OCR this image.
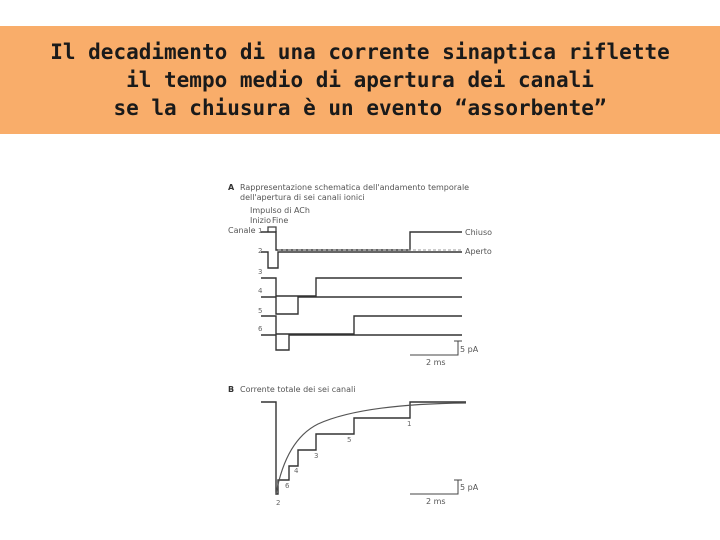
Il decadimento di una corrente sinaptica riflette
il tempo medio di apertura dei canali
se la chiusura è un evento “assorbente”
A Rappresentazione schematica dell'andamento temporale
dell'apertura di sei canali ionici
Impulso di ACh
Inizio Fine
Canale 1
2
3
4
5
6
Chiuso
Aperto
5 pA
2 ms
B Corrente totale dei sei canali
2
6
4
3
5
1
5 pA
2 ms
